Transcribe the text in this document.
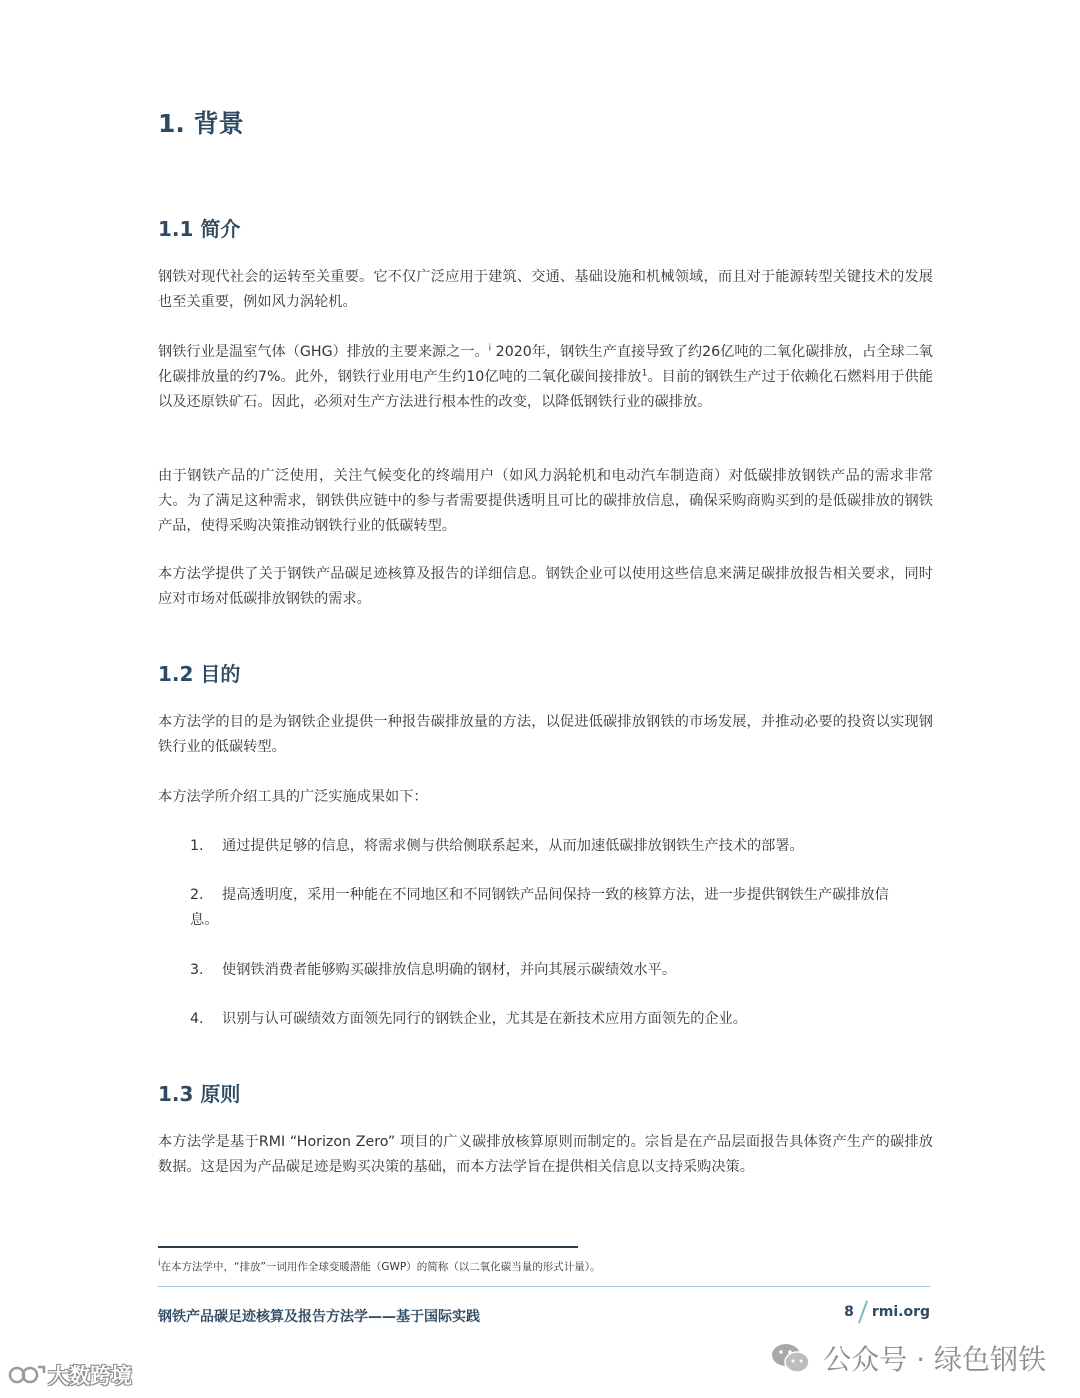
1. 背景
1.1 简介

钢铁对现代社会的运转至关重要。它不仅广泛应用于建筑、交通、基础设施和机械领域，而且对于能源转型关键技术的发展也至关重要，例如风力涡轮机。

钢铁行业是温室气体（GHG）排放的主要来源之一。$^i$ 2020年，钢铁生产直接导致了约26亿吨的二氧化碳排放，占全球二氧化碳排放量的约7%。此外，钢铁行业用电产生约10亿吨的二氧化碳间接排放$^1$。目前的钢铁生产过于依赖化石燃料用于供能以及还原铁矿石。因此，必须对生产方法进行根本性的改变，以降低钢铁行业的碳排放。

由于钢铁产品的广泛使用，关注气候变化的终端用户（如风力涡轮机和电动汽车制造商）对低碳排放钢铁产品的需求非常大。为了满足这种需求，钢铁供应链中的参与者需要提供透明且可比的碳排放信息，确保采购商购买到的是低碳排放的钢铁产品，使得采购决策推动钢铁行业的低碳转型。

本方法学提供了关于钢铁产品碳足迹核算及报告的详细信息。钢铁企业可以使用这些信息来满足碳排放报告相关要求，同时应对市场对低碳排放钢铁的需求。

1.2 目的

本方法学的目的是为钢铁企业提供一种报告碳排放量的方法，以促进低碳排放钢铁的市场发展，并推动必要的投资以实现钢铁行业的低碳转型。

本方法学所介绍工具的广泛实施成果如下：

1. 通过提供足够的信息，将需求侧与供给侧联系起来，从而加速低碳排放钢铁生产技术的部署。
2. 提高透明度，采用一种能在不同地区和不同钢铁产品间保持一致的核算方法，进一步提供钢铁生产碳排放信息。
3. 使钢铁消费者能够购买碳排放信息明确的钢材，并向其展示碳绩效水平。
4. 识别与认可碳绩效方面领先同行的钢铁企业，尤其是在新技术应用方面领先的企业。
1.3 原则

本方法学是基于RMI “Horizon Zero” 项目的广义碳排放核算原则而制定的。宗旨是在产品层面报告具体资产生产的碳排放数据。这是因为产品碳足迹是购买决策的基础，而本方法学旨在提供相关信息以支持采购决策。

i在本方法学中，“排放”一词用作全球变暖潜能（GWP）的简称（以二氧化碳当量的形式计量）。
钢铁产品碳足迹核算及报告方法学——基于国际实践	8 rmi.org
公众号 · 绿色钢铁
大数跨境
